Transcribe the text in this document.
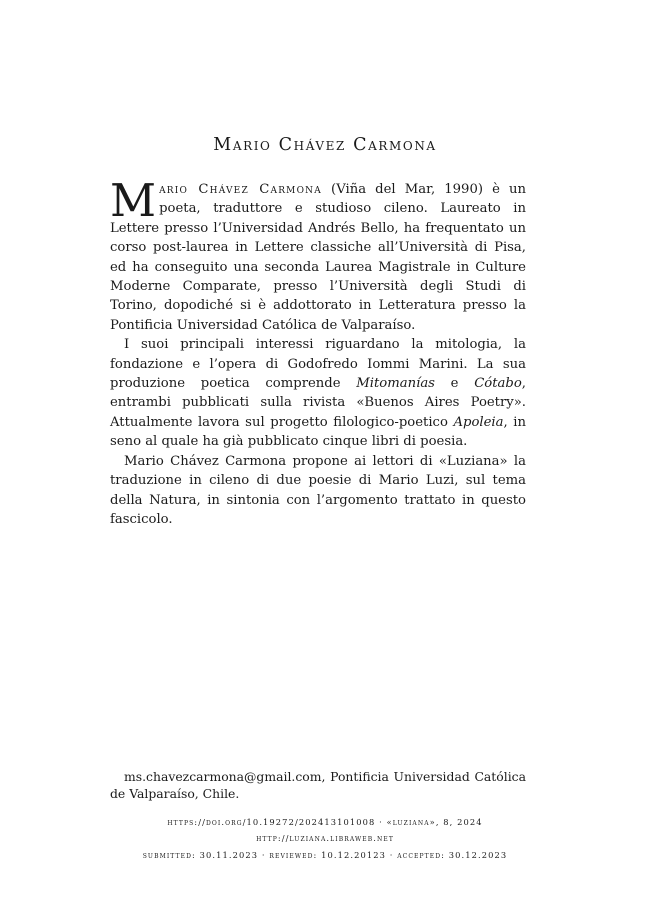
Mario Chávez Carmona

Mario Chávez Carmona (Viña del Mar, 1990) è un poeta, traduttore e studioso cileno. Laureato in Lettere presso l’Universidad Andrés Bello, ha frequentato un corso post-laurea in Lettere classiche all’Università di Pisa, ed ha conseguito una seconda Laurea Magistrale in Culture Moderne Comparate, presso l’Università degli Studi di Torino, dopodiché si è addottorato in Letteratura presso la Pontificia Universidad Católica de Valparaíso.

I suoi principali interessi riguardano la mitologia, la fondazione e l’opera di Godofredo Iommi Marini. La sua produzione poetica comprende Mitomanías e Cótabo, entrambi pubblicati sulla rivista «Buenos Aires Poetry». Attualmente lavora sul progetto filologico-poetico Apoleia, in seno al quale ha già pubblicato cinque libri di poesia.

Mario Chávez Carmona propone ai lettori di «Luziana» la traduzione in cileno di due poesie di Mario Luzi, sul tema della Natura, in sintonia con l’argomento trattato in questo fascicolo.

ms.chavezcarmona@gmail.com, Pontificia Universidad Católica de Valparaíso, Chile.
https://doi.org/10.19272/202413101008 · «luziana», 8, 2024
http://luziana.libraweb.net
submitted: 30.11.2023 · reviewed: 10.12.20123 · accepted: 30.12.2023
